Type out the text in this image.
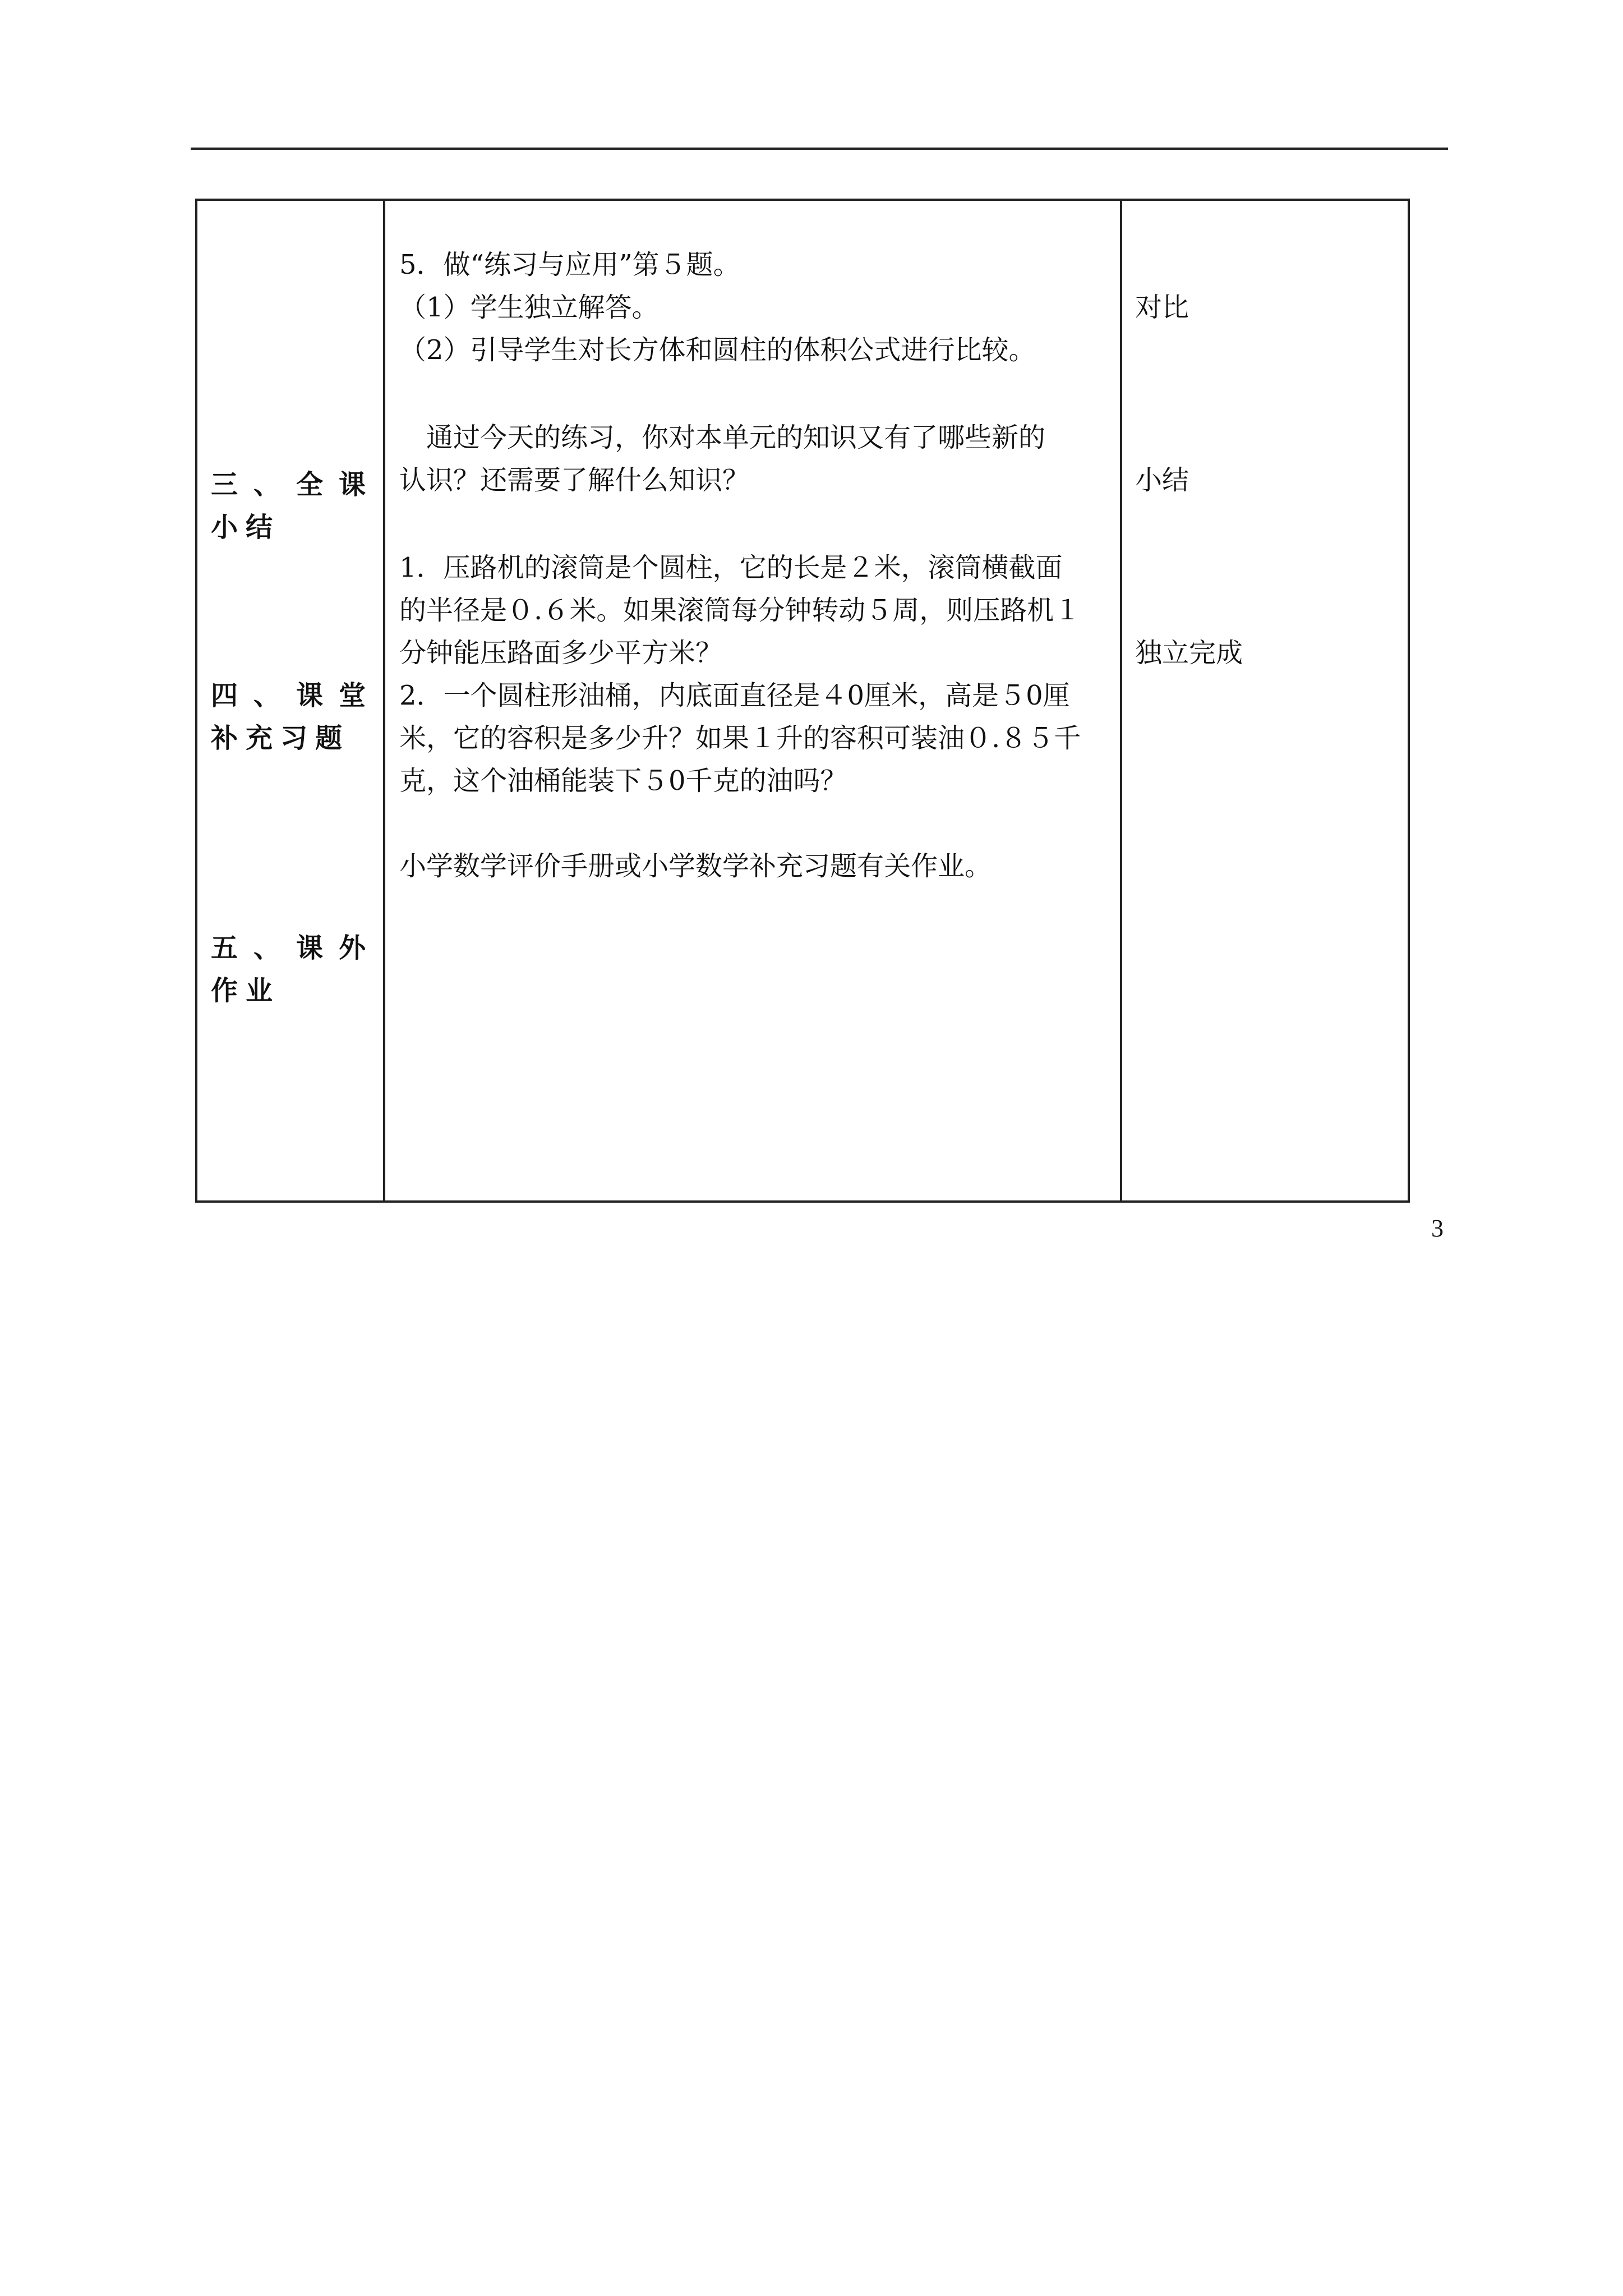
三、全课小结
四、课堂补充习题
五、课外作业
5．做“练习与应用”第５题。
（1）学生独立解答。
（2）引导学生对长方体和圆柱的体积公式进行比较。
　通过今天的练习，你对本单元的知识又有了哪些新的
认识？还需要了解什么知识？
1．压路机的滚筒是个圆柱，它的长是２米，滚筒横截面
的半径是０.６米。如果滚筒每分钟转动５周，则压路机１
分钟能压路面多少平方米？
2．一个圆柱形油桶，内底面直径是４0厘米，高是５0厘
米，它的容积是多少升？如果１升的容积可装油０.８５千
克，这个油桶能装下５0千克的油吗？
小学数学评价手册或小学数学补充习题有关作业。
对比
小结
独立完成
3
